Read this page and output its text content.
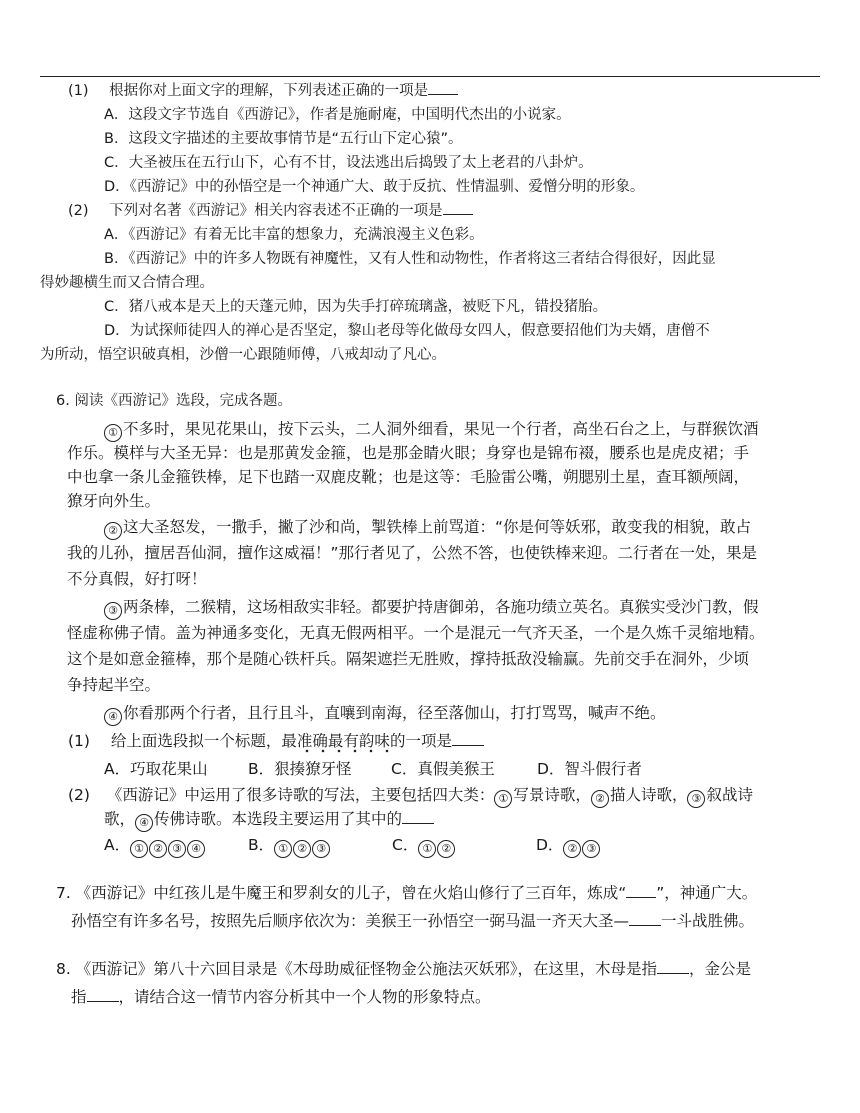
(1) 根据你对上面文字的理解，下列表述正确的一项是
A．这段文字节选自《西游记》，作者是施耐庵，中国明代杰出的小说家。
B．这段文字描述的主要故事情节是“五行山下定心猿”。
C．大圣被压在五行山下，心有不甘，设法逃出后捣毁了太上老君的八卦炉。
D．《西游记》中的孙悟空是一个神通广大、敢于反抗、性情温驯、爱憎分明的形象。
(2) 下列对名著《西游记》相关内容表述不正确的一项是
A．《西游记》有着无比丰富的想象力，充满浪漫主义色彩。
B．《西游记》中的许多人物既有神魔性，又有人性和动物性，作者将这三者结合得很好，因此显
得妙趣横生而又合情合理。
C．猪八戒本是天上的天蓬元帅，因为失手打碎琉璃盏，被贬下凡，错投猪胎。
D．为试探师徒四人的禅心是否坚定，黎山老母等化做母女四人，假意要招他们为夫婿，唐僧不
为所动，悟空识破真相，沙僧一心跟随师傅，八戒却动了凡心。
6. 阅读《西游记》选段，完成各题。
① 不多时，果见花果山，按下云头，二人洞外细看，果见一个行者，高坐石台之上，与群猴饮酒
作乐。模样与大圣无异：也是那黄发金箍，也是那金睛火眼；身穿也是锦布裰，腰系也是虎皮裙；手
中也拿一条儿金箍铁棒，足下也踏一双鹿皮靴；也是这等：毛脸雷公嘴，朔腮别土星，查耳额颅阔，
獠牙向外生。
② 这大圣怒发，一撒手，撇了沙和尚，掣铁棒上前骂道：“你是何等妖邪，敢变我的相貌，敢占
我的儿孙，擅居吾仙洞，擅作这威福！”那行者见了，公然不答，也使铁棒来迎。二行者在一处，果是
不分真假，好打呀！
③ 两条棒，二猴精，这场相敌实非轻。都要护持唐御弟，各施功绩立英名。真猴实受沙门教，假
怪虚称佛子情。盖为神通多变化，无真无假两相平。一个是混元一气齐天圣，一个是久炼千灵缩地精。
这个是如意金箍棒，那个是随心铁杆兵。隔架遮拦无胜败，撑持抵敌没输赢。先前交手在洞外，少顷
争持起半空。
④ 你看那两个行者，且行且斗，直嚷到南海，径至落伽山，打打骂骂，喊声不绝。
(1) 给上面选段拟一个标题，最准确最有韵味的一项是
A．巧取花果山	B．狠揍獠牙怪	C．真假美猴王	D．智斗假行者
(2) 《西游记》中运用了很多诗歌的写法，主要包括四大类： ① 写景诗歌， ② 描人诗歌， ③ 叙战诗
歌， ④ 传佛诗歌。本选段主要运用了其中的
A． ① ② ③ ④	B． ① ② ③	C． ① ②	D． ② ③
7. 《西游记》中红孩儿是牛魔王和罗刹女的儿子，曾在火焰山修行了三百年，炼成“ ”，神通广大。
孙悟空有许多名号，按照先后顺序依次为：美猴王一孙悟空一弼马温一齐天大圣— 一斗战胜佛。
8. 《西游记》第八十六回目录是《木母助威征怪物金公施法灭妖邪》，在这里，木母是指 ，金公是
指 ，请结合这一情节内容分析其中一个人物的形象特点。
